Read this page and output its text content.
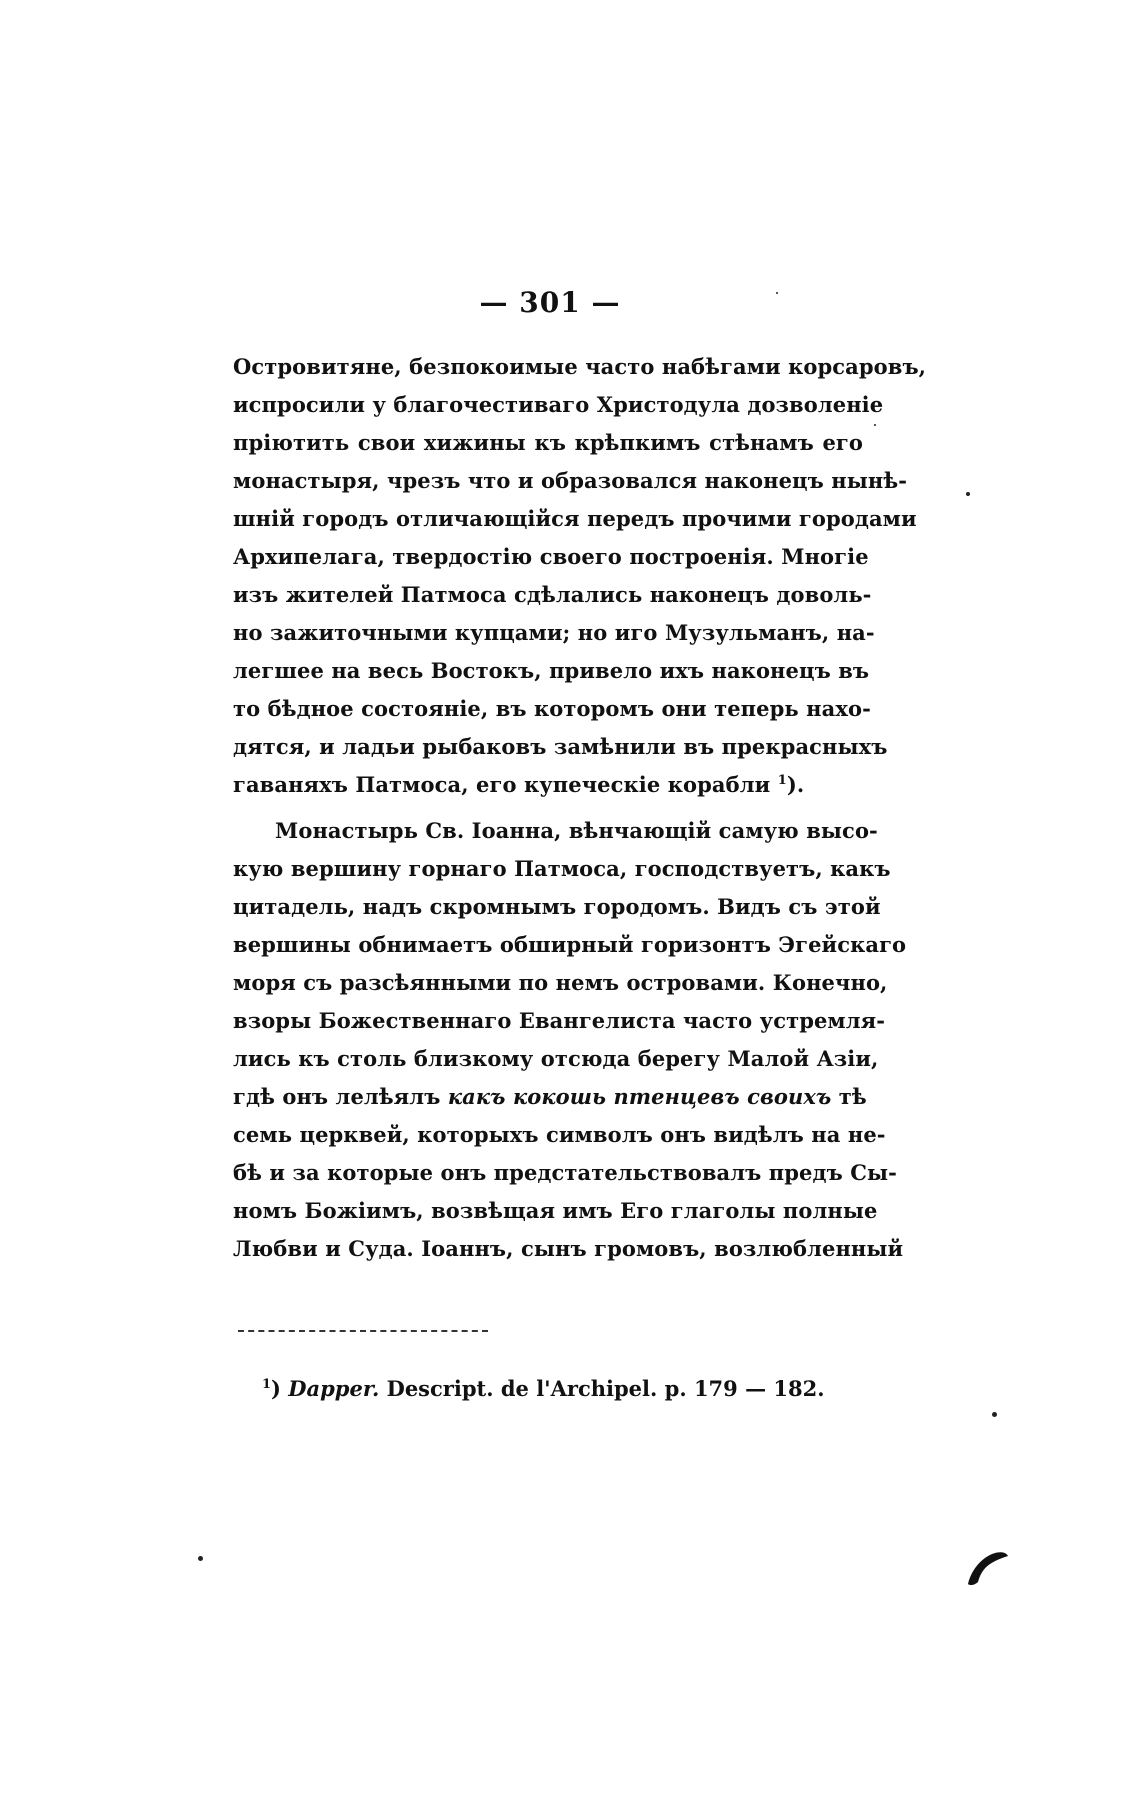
— 301 —
Островитяне, безпокоимые часто набѣгами корсаровъ,
испросили у благочестиваго Христодула дозволеніе
пріютить свои хижины къ крѣпкимъ стѣнамъ его
монастыря, чрезъ что и образовался наконецъ нынѣ-
шній городъ отличающійся передъ прочими городами
Архипелага, твердостію своего построенія. Многіе
изъ жителей Патмоса сдѣлались наконецъ доволь-
но зажиточными купцами; но иго Музульманъ, на-
легшее на весь Востокъ, привело ихъ наконецъ въ
то бѣдное состояніе, въ которомъ они теперь нахо-
дятся, и ладьи рыбаковъ замѣнили въ прекрасныхъ
гаваняхъ Патмоса, его купеческіе корабли $^1$).
Монастырь Св. Іоанна, вѣнчающій самую высо-
кую вершину горнаго Патмоса, господствуетъ, какъ
цитадель, надъ скромнымъ городомъ. Видъ съ этой
вершины обнимаетъ обширный горизонтъ Эгейскаго
моря съ разсѣянными по немъ островами. Конечно,
взоры Божественнаго Евангелиста часто устремля-
лись къ столь близкому отсюда берегу Малой Азіи,
гдѣ онъ лелѣялъ какъ кокошь птенцевъ своихъ тѣ
семь церквей, которыхъ символъ онъ видѣлъ на не-
бѣ и за которые онъ предстательствовалъ предъ Сы-
номъ Божіимъ, возвѣщая имъ Его глаголы полные
Любви и Суда. Іоаннъ, сынъ громовъ, возлюбленный
$^1$) Dapper. Descript. de l'Archipel. p. 179 — 182.
